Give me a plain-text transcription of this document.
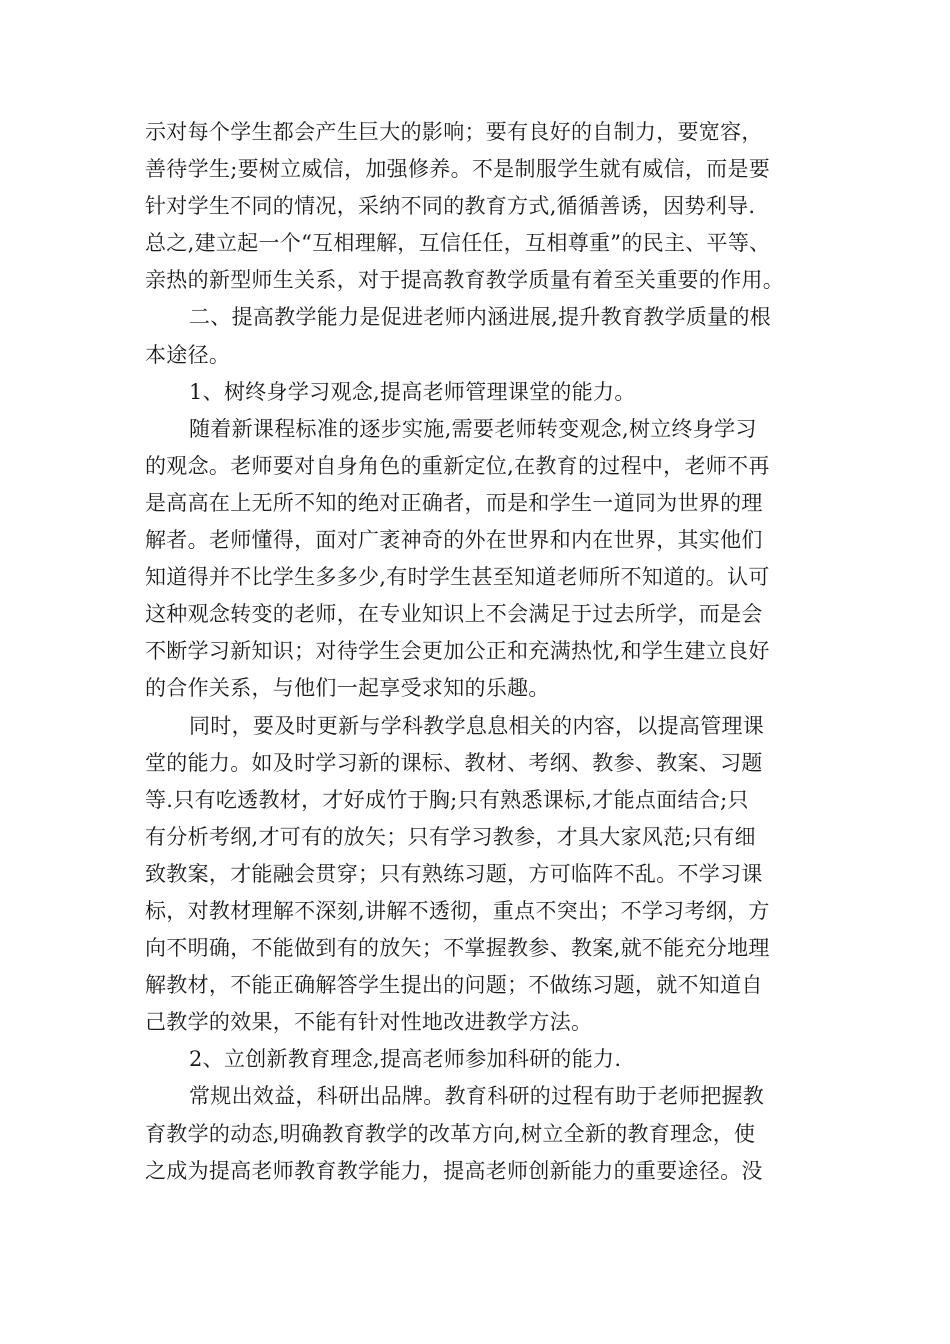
示对每个学生都会产生巨大的影响；要有良好的自制力，要宽容，
善待学生;要树立威信，加强修养。不是制服学生就有威信，而是要
针对学生不同的情况，采纳不同的教育方式,循循善诱，因势利导.
总之,建立起一个“互相理解，互信任任，互相尊重”的民主、平等、
亲热的新型师生关系，对于提高教育教学质量有着至关重要的作用。
二、提高教学能力是促进老师内涵进展,提升教育教学质量的根
本途径。
1、树终身学习观念,提高老师管理课堂的能力。
随着新课程标准的逐步实施,需要老师转变观念,树立终身学习
的观念。老师要对自身角色的重新定位,在教育的过程中，老师不再
是高高在上无所不知的绝对正确者，而是和学生一道同为世界的理
解者。老师懂得，面对广袤神奇的外在世界和内在世界，其实他们
知道得并不比学生多多少,有时学生甚至知道老师所不知道的。认可
这种观念转变的老师，在专业知识上不会满足于过去所学，而是会
不断学习新知识；对待学生会更加公正和充满热忱,和学生建立良好
的合作关系，与他们一起享受求知的乐趣。
同时，要及时更新与学科教学息息相关的内容，以提高管理课
堂的能力。如及时学习新的课标、教材、考纲、教参、教案、习题
等.只有吃透教材，才好成竹于胸;只有熟悉课标,才能点面结合;只
有分析考纲,才可有的放矢；只有学习教参，才具大家风范;只有细
致教案，才能融会贯穿；只有熟练习题，方可临阵不乱。不学习课
标，对教材理解不深刻,讲解不透彻，重点不突出；不学习考纲，方
向不明确，不能做到有的放矢；不掌握教参、教案,就不能充分地理
解教材，不能正确解答学生提出的问题；不做练习题，就不知道自
己教学的效果，不能有针对性地改进教学方法。
2、立创新教育理念,提高老师参加科研的能力.
常规出效益，科研出品牌。教育科研的过程有助于老师把握教
育教学的动态,明确教育教学的改革方向,树立全新的教育理念，使
之成为提高老师教育教学能力，提高老师创新能力的重要途径。没
